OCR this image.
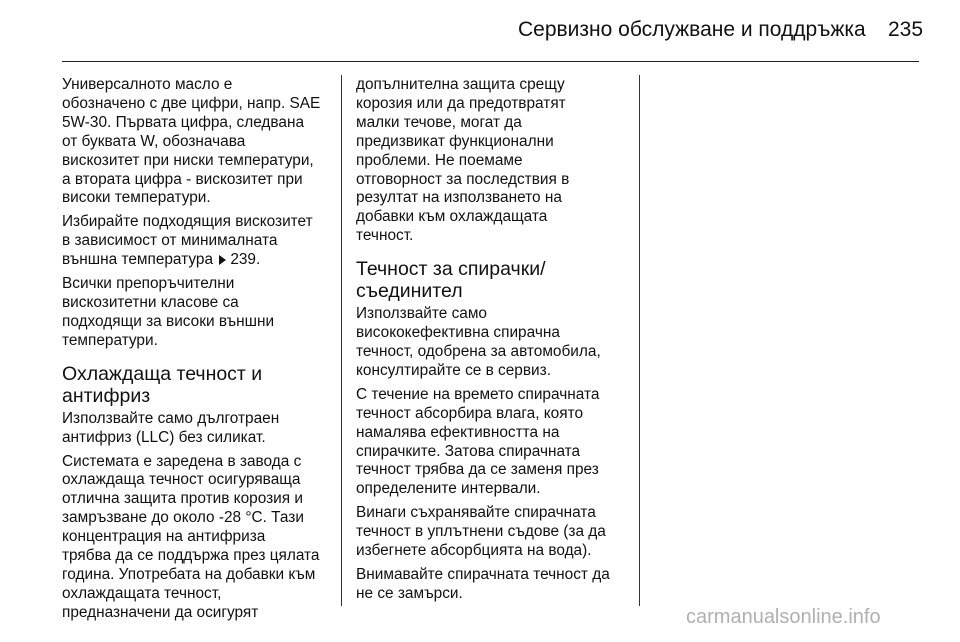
Сервизно обслужване и поддръжка 235
Универсалното масло е
обозначено с две цифри, напр. SAE
5W-30. Първата цифра, следвана
от буквата W, обозначава
вискозитет при ниски температури,
а втората цифра - вискозитет при
високи температури.
Избирайте подходящия вискозитет
в зависимост от минималната
външна температура 239.
Всички препоръчителни
вискозитетни класове са
подходящи за високи външни
температури.
Охлаждаща течност и
антифриз
Използвайте само дълготраен
антифриз (LLC) без силикат.
Системата е заредена в завода с
охлаждаща течност осигуряваща
отлична защита против корозия и
замръзване до около -28 °C. Тази
концентрация на антифриза
трябва да се поддържа през цялата
година. Употребата на добавки към
охлаждащата течност,
предназначени да осигурят
допълнителна защита срещу
корозия или да предотвратят
малки течове, могат да
предизвикат функционални
проблеми. Не поемаме
отговорност за последствия в
резултат на използването на
добавки към охлаждащата
течност.
Течност за спирачки/
съединител
Използвайте само
висококефективна спирачна
течност, одобрена за автомобила,
консултирайте се в сервиз.
С течение на времето спирачната
течност абсорбира влага, която
намалява ефективността на
спирачките. Затова спирачната
течност трябва да се заменя през
определените интервали.
Винаги съхранявайте спирачната
течност в уплътнени съдове (за да
избегнете абсорбцията на вода).
Внимавайте спирачната течност да
не се замърси.
carmanualsonline.info
